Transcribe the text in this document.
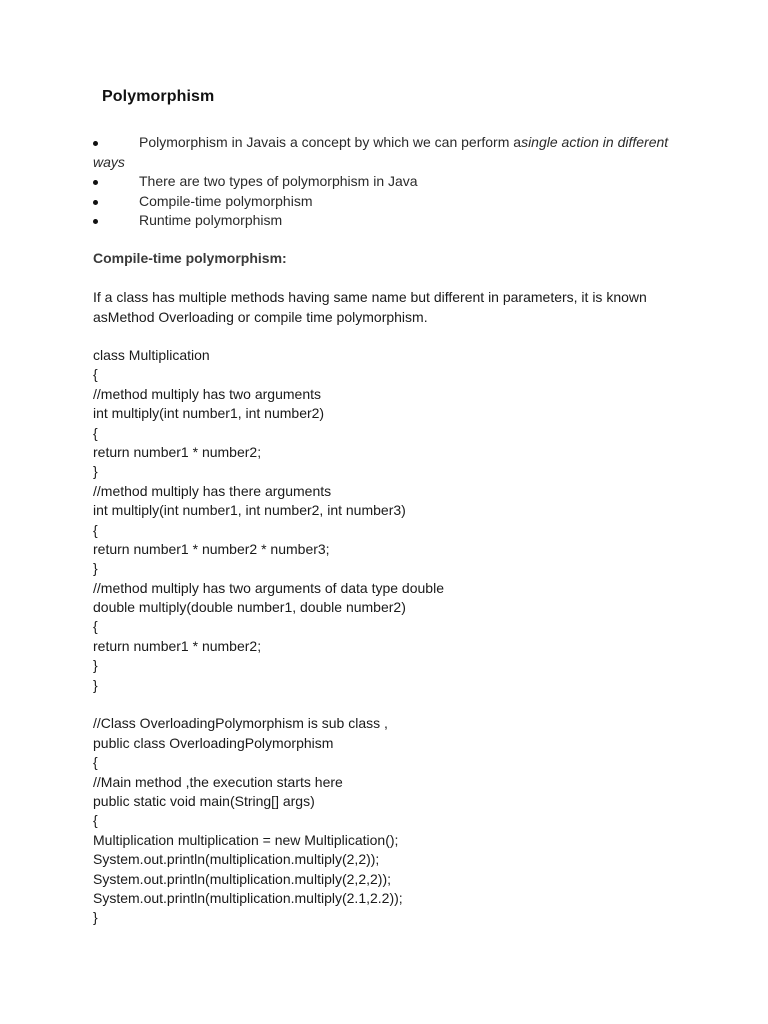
Polymorphism
Polymorphism in Javais a concept by which we can perform asingle action in different ways
There are two types of polymorphism in Java
Compile-time polymorphism
Runtime polymorphism
Compile-time polymorphism:
If a class has multiple methods having same name but different in parameters, it is known asMethod Overloading or compile time polymorphism.
class Multiplication
{
//method multiply has two arguments
int multiply(int number1, int number2)
{
return number1 * number2;
}
//method multiply has there arguments
int multiply(int number1, int number2, int number3)
{
return number1 * number2 * number3;
}
//method multiply has two arguments of data type double
double multiply(double number1, double number2)
{
return number1 * number2;
}
}
//Class OverloadingPolymorphism is sub class ,
public class OverloadingPolymorphism
{
//Main method ,the execution starts here
public static void main(String[] args)
{
Multiplication multiplication = new Multiplication();
System.out.println(multiplication.multiply(2,2));
System.out.println(multiplication.multiply(2,2,2));
System.out.println(multiplication.multiply(2.1,2.2));
}
